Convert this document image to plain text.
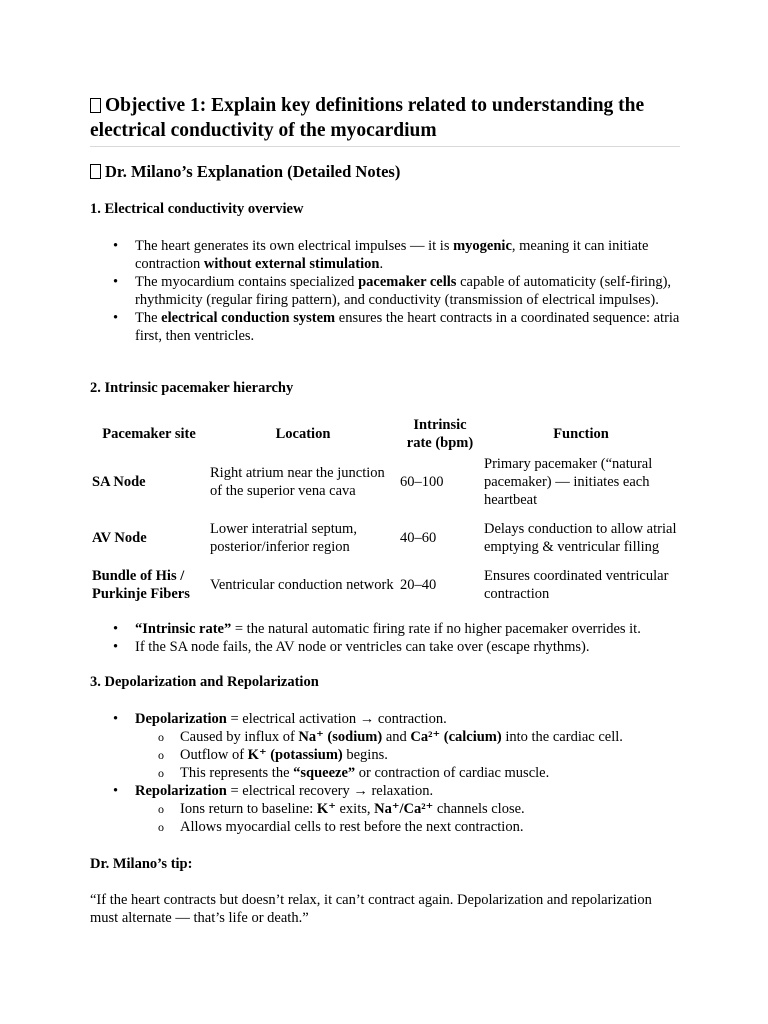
Objective 1: Explain key definitions related to understanding the electrical conductivity of the myocardium
Dr. Milano’s Explanation (Detailed Notes)
1. Electrical conductivity overview
• The heart generates its own electrical impulses — it is myogenic, meaning it can initiate contraction without external stimulation.
• The myocardium contains specialized pacemaker cells capable of automaticity (self-firing), rhythmicity (regular firing pattern), and conductivity (transmission of electrical impulses).
• The electrical conduction system ensures the heart contracts in a coordinated sequence: atria first, then ventricles.
2. Intrinsic pacemaker hierarchy
Pacemaker site	Location	Intrinsic rate (bpm)	Function
SA Node	Right atrium near the junction of the superior vena cava	60–100	Primary pacemaker (“natural pacemaker) — initiates each heartbeat
AV Node	Lower interatrial septum, posterior/inferior region	40–60	Delays conduction to allow atrial emptying & ventricular filling
Bundle of His / Purkinje Fibers	Ventricular conduction network	20–40	Ensures coordinated ventricular contraction
• “Intrinsic rate” = the natural automatic firing rate if no higher pacemaker overrides it.
• If the SA node fails, the AV node or ventricles can take over (escape rhythms).
3. Depolarization and Repolarization
• Depolarization = electrical activation → contraction.
o Caused by influx of Na⁺ (sodium) and Ca²⁺ (calcium) into the cardiac cell.
o Outflow of K⁺ (potassium) begins.
o This represents the “squeeze” or contraction of cardiac muscle.
• Repolarization = electrical recovery → relaxation.
o Ions return to baseline: K⁺ exits, Na⁺/Ca²⁺ channels close.
o Allows myocardial cells to rest before the next contraction.
Dr. Milano’s tip:
“If the heart contracts but doesn’t relax, it can’t contract again. Depolarization and repolarization must alternate — that’s life or death.”
